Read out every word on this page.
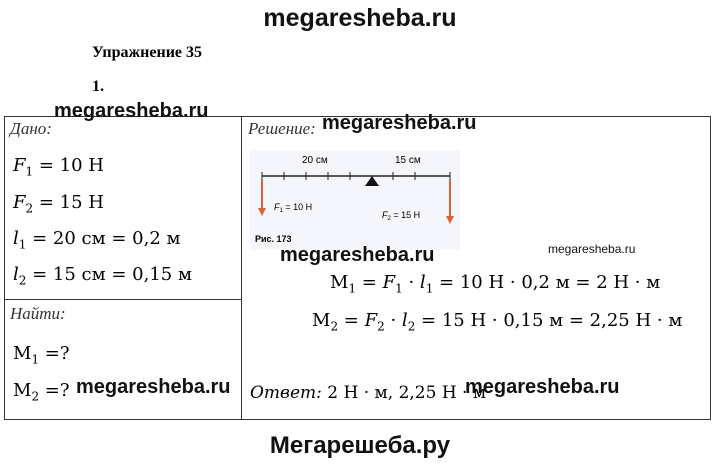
megaresheba.ru
Упражнение 35
1.
megaresheba.ru
Дано:
$F_1 = 10$ Н
$F_2 = 15$ Н
$l_1 = 20$ см = 0,2 м
$l_2 = 15$ см = 0,15 м
Найти:
$M_1$ =?
$M_2$ =? megaresheba.ru
Решение: megaresheba.ru
20 см	15 см
$F_1 = 10$ Н
$F_2 = 15$ Н
Рис. 173
megaresheba.ru	megaresheba.ru
$M_1 = F_1 \cdot l_1 = 10$ Н · 0,2 м = 2 Н · м
$M_2 = F_2 \cdot l_2 = 15$ Н · 0,15 м = 2,25 Н · м
Ответ: 2 Н · м, 2,25 Н · м
megaresheba.ru
Мегарешеба.ру
